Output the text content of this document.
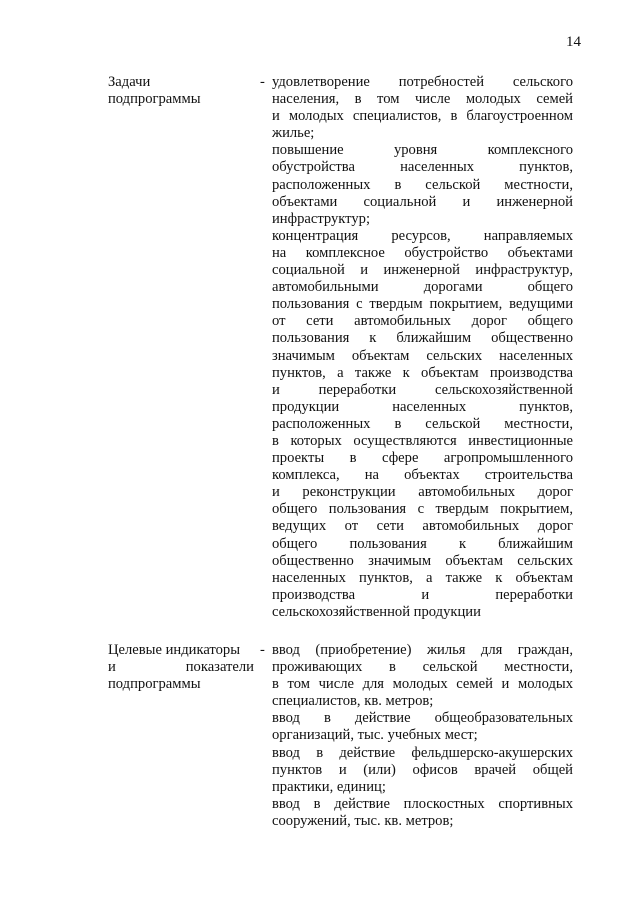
14
Задачи
подпрограммы
- удовлетворение потребностей сельского
населения, в том числе молодых семей
и молодых специалистов, в благоустроенном
жилье;
повышение уровня комплексного
обустройства населенных пунктов,
расположенных в сельской местности,
объектами социальной и инженерной
инфраструктур;
концентрация ресурсов, направляемых
на комплексное обустройство объектами
социальной и инженерной инфраструктур,
автомобильными дорогами общего
пользования с твердым покрытием, ведущими
от сети автомобильных дорог общего
пользования к ближайшим общественно
значимым объектам сельских населенных
пунктов, а также к объектам производства
и переработки сельскохозяйственной
продукции населенных пунктов,
расположенных в сельской местности,
в которых осуществляются инвестиционные
проекты в сфере агропромышленного
комплекса, на объектах строительства
и реконструкции автомобильных дорог
общего пользования с твердым покрытием,
ведущих от сети автомобильных дорог
общего пользования к ближайшим
общественно значимым объектам сельских
населенных пунктов, а также к объектам
производства и переработки
сельскохозяйственной продукции
Целевые индикаторы
и показатели
подпрограммы
- ввод (приобретение) жилья для граждан,
проживающих в сельской местности,
в том числе для молодых семей и молодых
специалистов, кв. метров;
ввод в действие общеобразовательных
организаций, тыс. учебных мест;
ввод в действие фельдшерско-акушерских
пунктов и (или) офисов врачей общей
практики, единиц;
ввод в действие плоскостных спортивных
сооружений, тыс. кв. метров;
